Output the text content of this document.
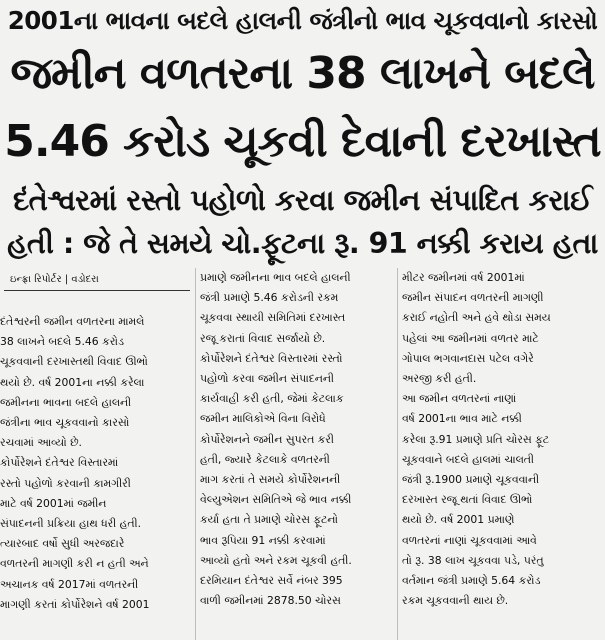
2001ના ભાવના બદલે હાલની જંત્રીનો ભાવ ચૂકવવાનો કારસો
જમીન વળતરના 38 લાખને બદલે
5.46 કરોડ ચૂકવી દેવાની દરખાસ્ત
દંતેશ્વરમાં રસ્તો પહોળો કરવા જમીન સંપાદિત કરાઈ
હતી : જે તે સમયે ચો.ફૂટના રૂ. 91 નક્કી કરાય હતા
ઇન્ફ્રા રિપોર્ટર | વડોદરા
દંતેશ્વરની જમીન વળતરના મામલે
38 લાખને બદલે 5.46 કરોડ
ચૂકવવાની દરખાસ્તથી વિવાદ ઊભો
થયો છે. વર્ષ 2001ના નક્કી કરેલા
જમીનના ભાવના બદલે હાલની
જંત્રીના ભાવ ચૂકવવાનો કારસો
રચવામાં આવ્યો છે.
કોર્પોરેશને દંતેશ્વર વિસ્તારમાં
રસ્તો પહોળો કરવાની કામગીરી
માટે વર્ષ 2001માં જમીન
સંપાદનની પ્રક્રિયા હાથ ધરી હતી.
ત્યારબાદ વર્ષો સુધી અરજદારે
વળતરની માગણી કરી ન હતી અને
અચાનક વર્ષ 2017માં વળતરની
માગણી કરતાં કોર્પોરેશને વર્ષ 2001
પ્રમાણે જમીનના ભાવ બદલે હાલની
જંત્રી પ્રમાણે 5.46 કરોડની રકમ
ચૂકવવા સ્થાયી સમિતિમાં દરખાસ્ત
રજૂ કરાતાં વિવાદ સર્જાયો છે.
કોર્પોરેશને દંતેશ્વર વિસ્તારમાં રસ્તો
પહોળો કરવા જમીન સંપાદનની
કાર્યવાહી કરી હતી, જેમાં કેટલાક
જમીન માલિકોએ વિના વિરોધે
કોર્પોરેશનને જમીન સુપરત કરી
હતી, જ્યારે કેટલાકે વળતરની
માગ કરતાં તે સમયે કોર્પોરેશનની
વેલ્યુએશન સમિતિએ જે ભાવ નક્કી
કર્યા હતા તે પ્રમાણે ચોરસ ફૂટનો
ભાવ રૂપિયા 91 નક્કી કરવામાં
આવ્યો હતો અને રકમ ચૂકવી હતી.
દરમિયાન દંતેશ્વર સર્વે નંબર 395
વાળી જમીનમાં 2878.50 ચોરસ
મીટર જમીનમાં વર્ષ 2001માં
જમીન સંપાદન વળતરની માગણી
કરાઈ નહોતી અને હવે થોડા સમય
પહેલાં આ જમીનમાં વળતર માટે
ગોપાલ ભગવાનદાસ પટેલ વગેરે
અરજી કરી હતી.
આ જમીન વળતરનાં નાણાં
વર્ષ 2001ના ભાવ માટે નક્કી
કરેલા રૂ.91 પ્રમાણે પ્રતિ ચોરસ ફૂટ
ચૂકવવાને બદલે હાલમાં ચાલતી
જંત્રી રૂ.1900 પ્રમાણે ચૂકવવાની
દરખાસ્ત રજૂ થતાં વિવાદ ઊભો
થયો છે. વર્ષ 2001 પ્રમાણે
વળતરનાં નાણાં ચૂકવવામાં આવે
તો રૂ. 38 લાખ ચૂકવવા પડે, પરંતુ
વર્તમાન જંત્રી પ્રમાણે 5.64 કરોડ
રકમ ચૂકવવાની થાય છે.
